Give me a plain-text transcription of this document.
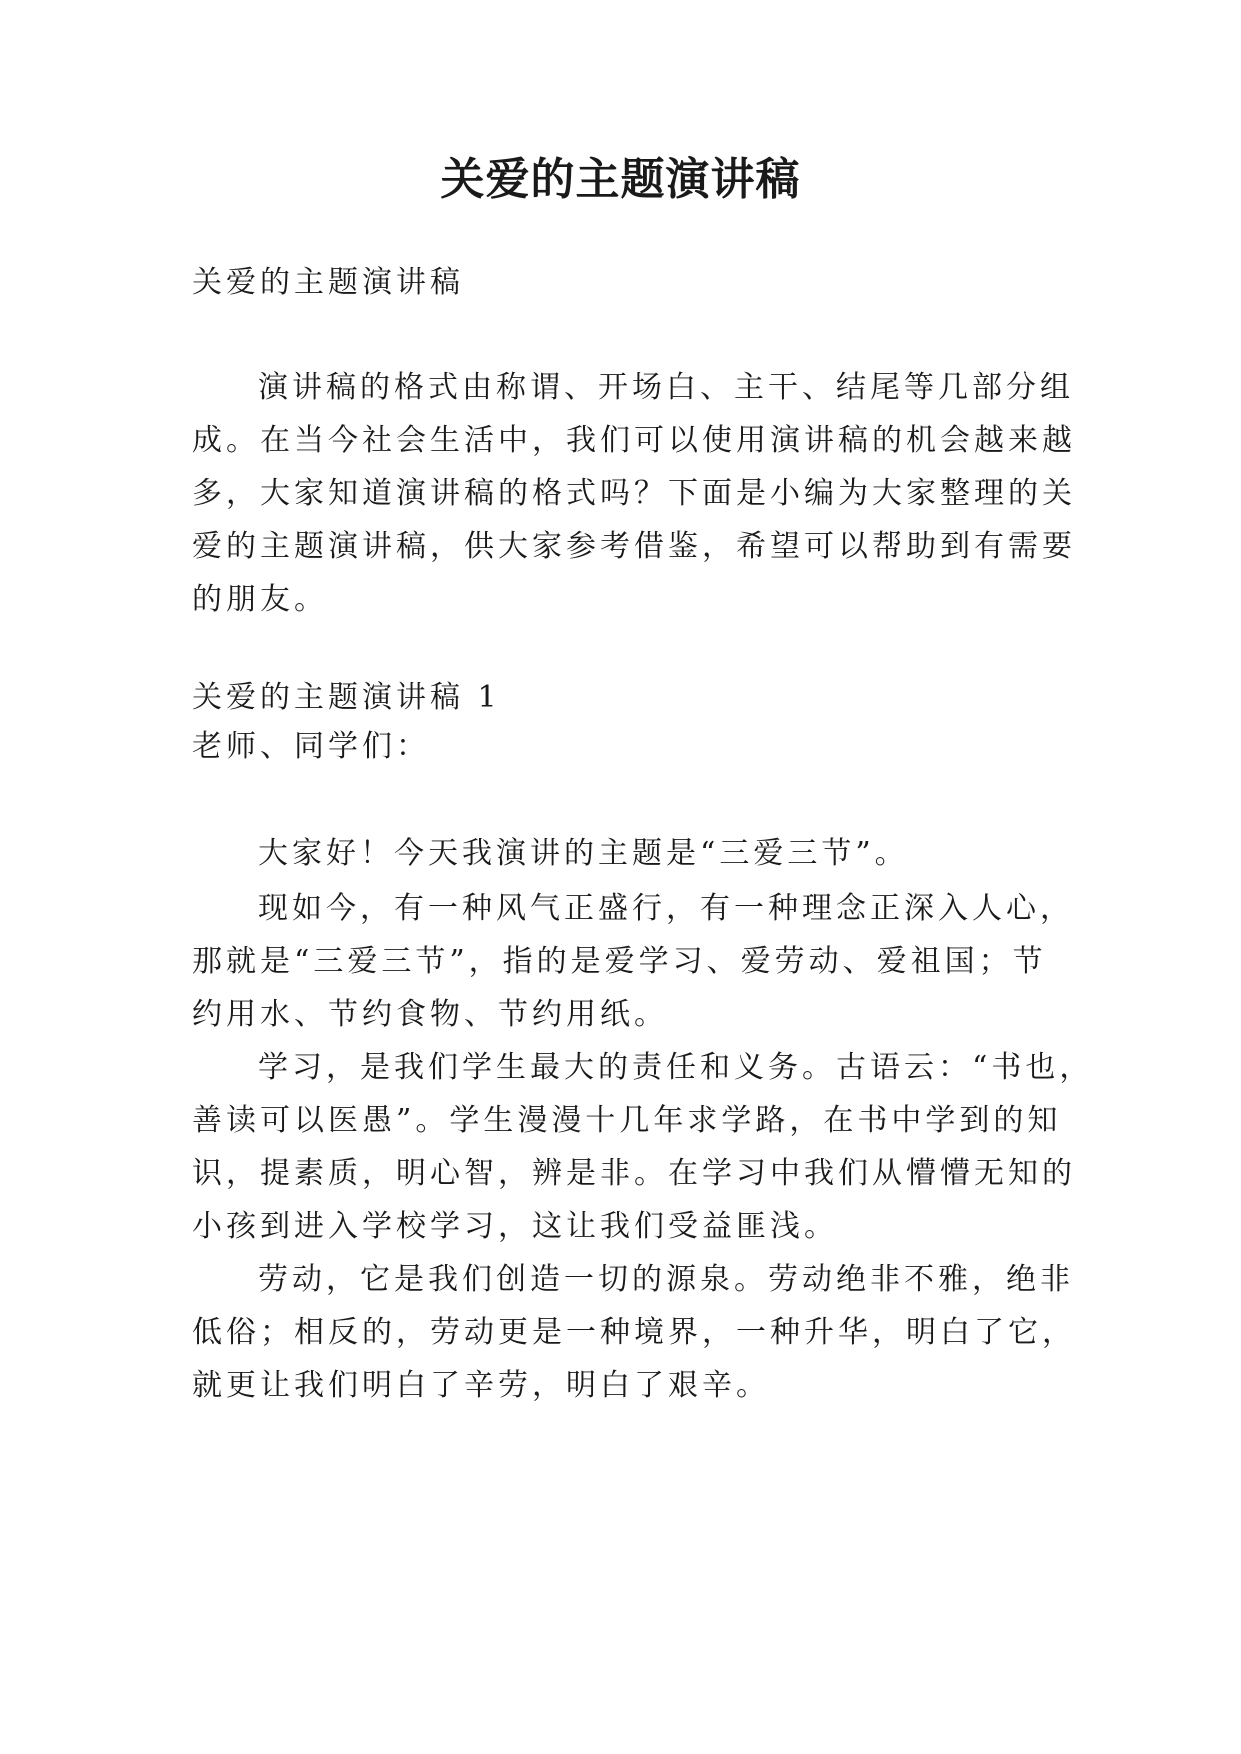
关爱的主题演讲稿
关爱的主题演讲稿
演讲稿的格式由称谓、开场白、主干、结尾等几部分组
成。在当今社会生活中，我们可以使用演讲稿的机会越来越
多，大家知道演讲稿的格式吗？下面是小编为大家整理的关
爱的主题演讲稿，供大家参考借鉴，希望可以帮助到有需要
的朋友。
关爱的主题演讲稿 1
老师、同学们：
大家好！今天我演讲的主题是“三爱三节”。
现如今，有一种风气正盛行，有一种理念正深入人心，
那就是“三爱三节”，指的是爱学习、爱劳动、爱祖国；节
约用水、节约食物、节约用纸。
学习，是我们学生最大的责任和义务。古语云：“书也，
善读可以医愚”。学生漫漫十几年求学路，在书中学到的知
识，提素质，明心智，辨是非。在学习中我们从懵懵无知的
小孩到进入学校学习，这让我们受益匪浅。
劳动，它是我们创造一切的源泉。劳动绝非不雅，绝非
低俗；相反的，劳动更是一种境界，一种升华，明白了它，
就更让我们明白了辛劳，明白了艰辛。
